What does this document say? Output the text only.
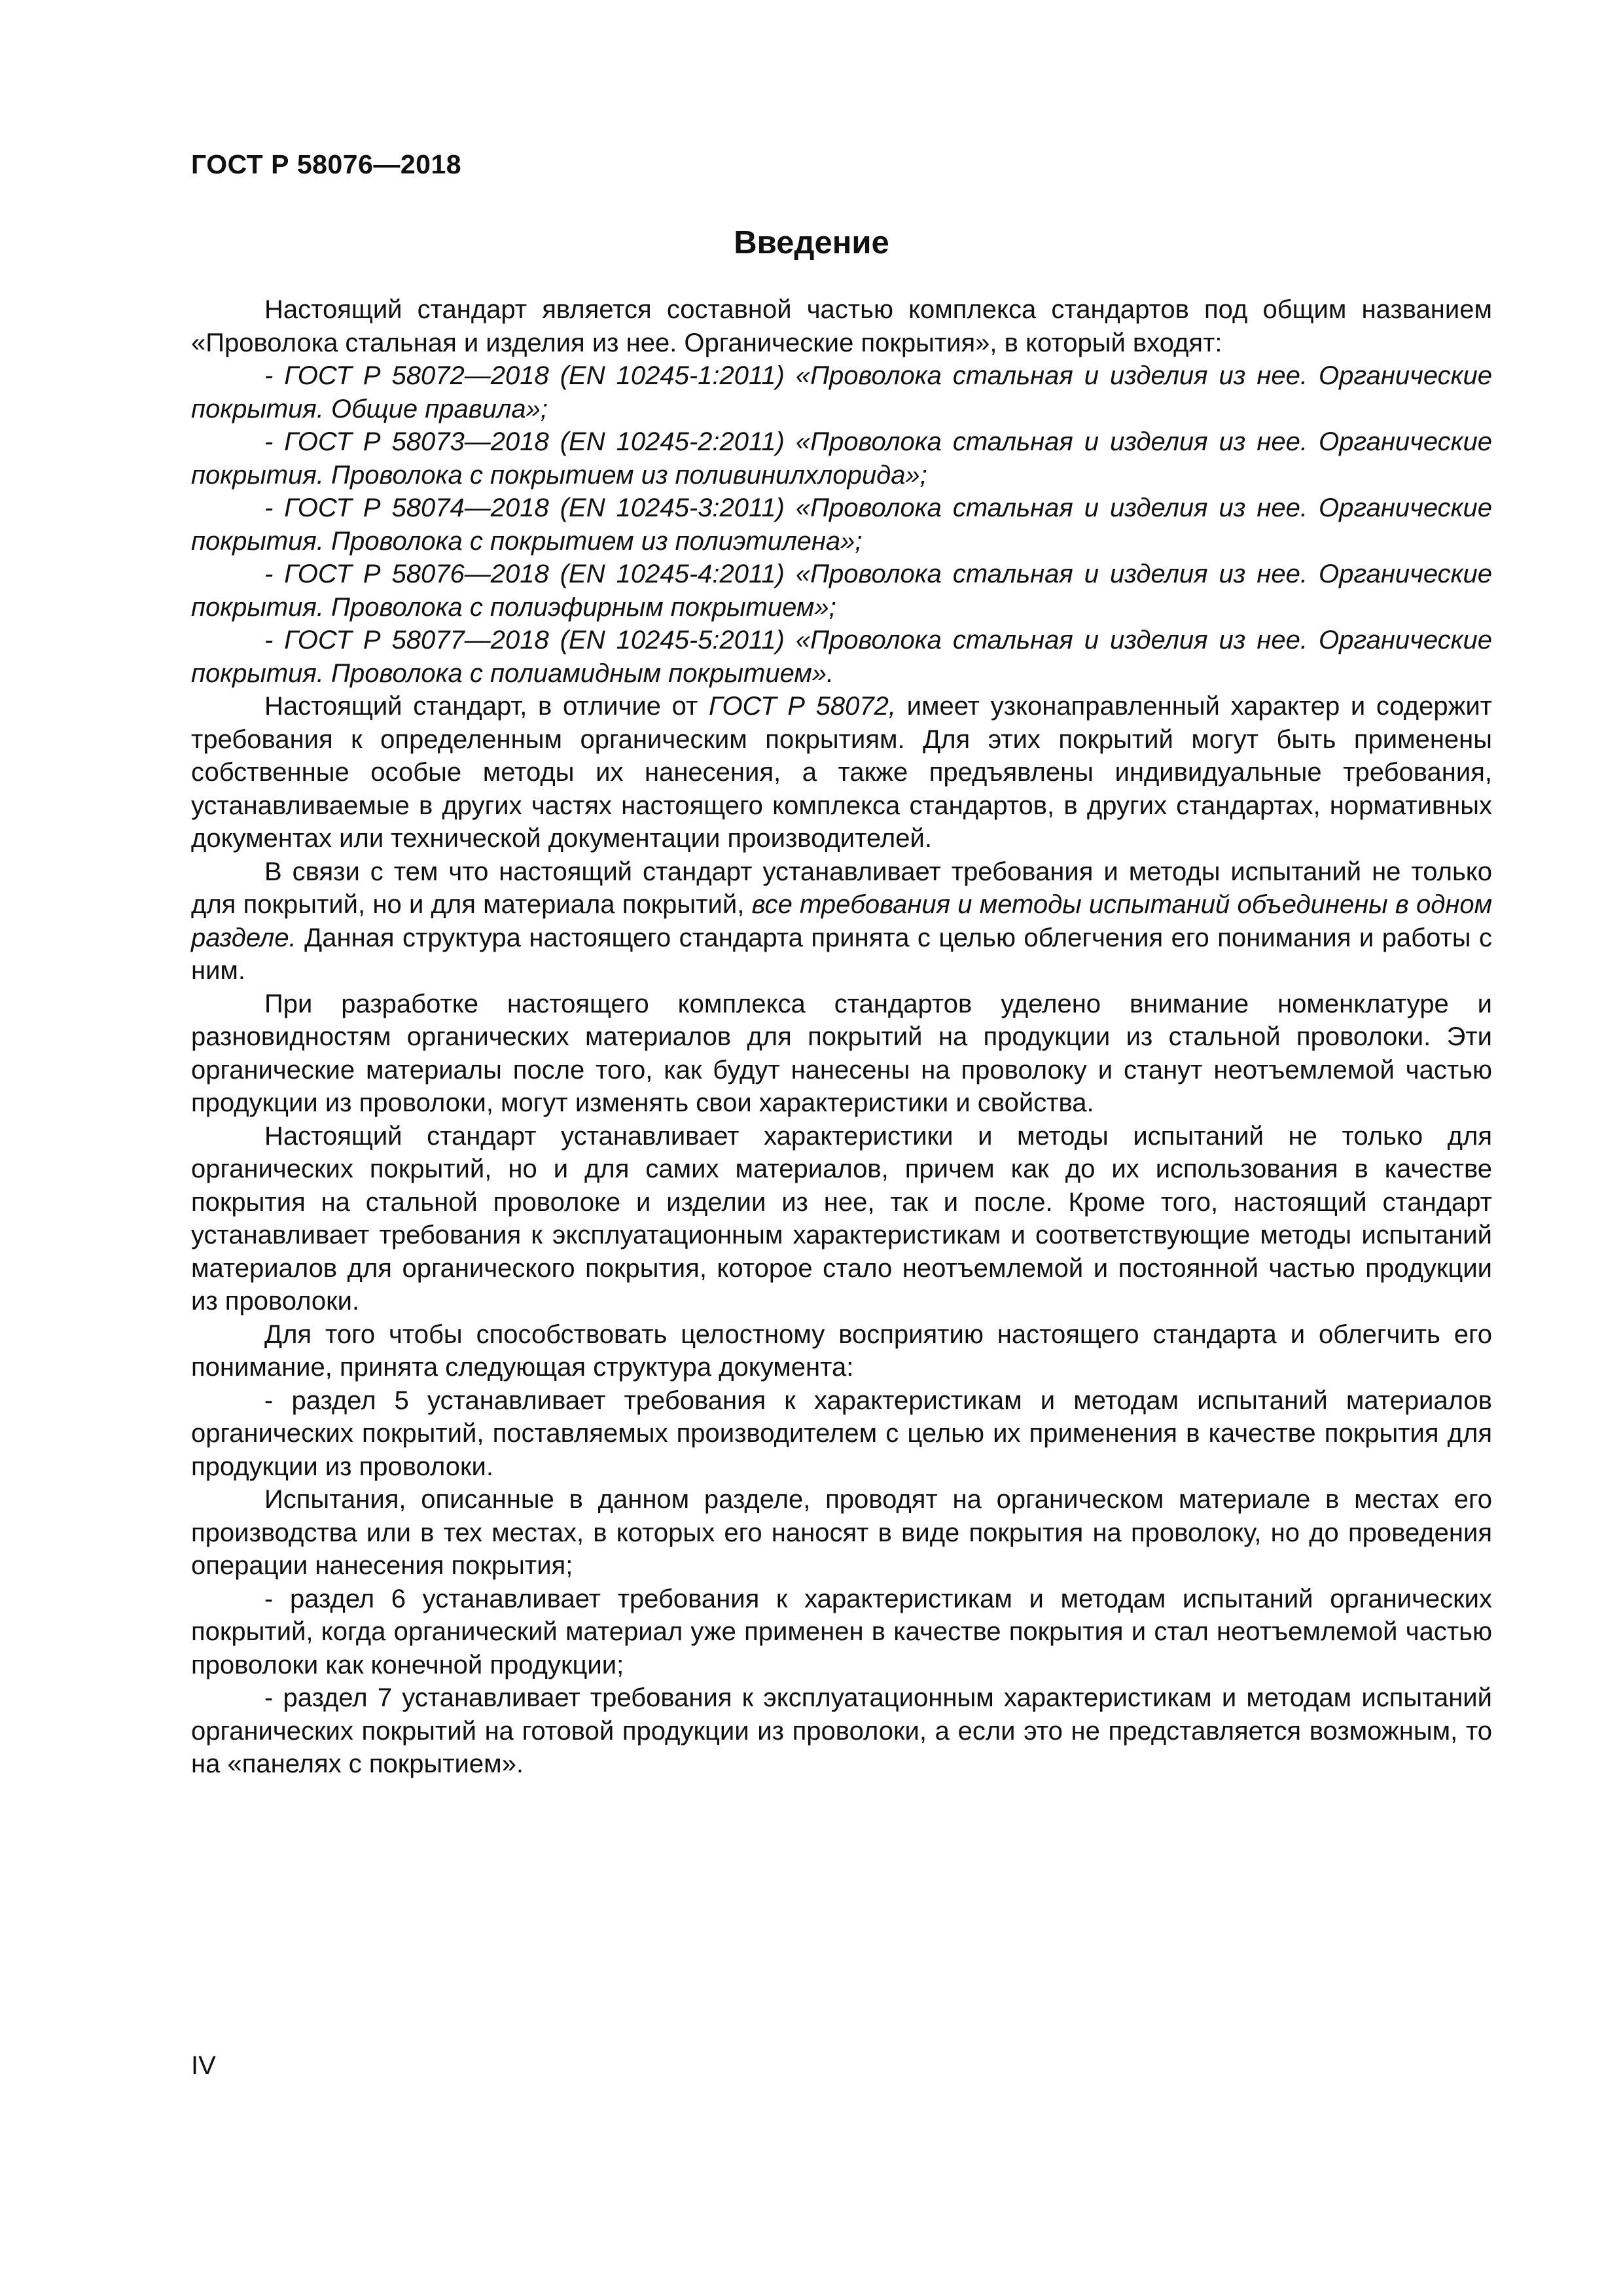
ГОСТ Р 58076—2018
Введение

Настоящий стандарт является составной частью комплекса стандартов под общим названием «Проволока стальная и изделия из нее. Органические покрытия», в который входят:

- ГОСТ Р 58072—2018 (EN 10245-1:2011) «Проволока стальная и изделия из нее. Органические покрытия. Общие правила»;

- ГОСТ Р 58073—2018 (EN 10245-2:2011) «Проволока стальная и изделия из нее. Органические покрытия. Проволока с покрытием из поливинилхлорида»;

- ГОСТ Р 58074—2018 (EN 10245-3:2011) «Проволока стальная и изделия из нее. Органические покрытия. Проволока с покрытием из полиэтилена»;

- ГОСТ Р 58076—2018 (EN 10245-4:2011) «Проволока стальная и изделия из нее. Органические покрытия. Проволока с полиэфирным покрытием»;

- ГОСТ Р 58077—2018 (EN 10245-5:2011) «Проволока стальная и изделия из нее. Органические покрытия. Проволока с полиамидным покрытием».

Настоящий стандарт, в отличие от ГОСТ Р 58072, имеет узконаправленный характер и содержит требования к определенным органическим покрытиям. Для этих покрытий могут быть применены собственные особые методы их нанесения, а также предъявлены индивидуальные требования, устанавливаемые в других частях настоящего комплекса стандартов, в других стандартах, нормативных документах или технической документации производителей.

В связи с тем что настоящий стандарт устанавливает требования и методы испытаний не только для покрытий, но и для материала покрытий, все требования и методы испытаний объединены в одном разделе. Данная структура настоящего стандарта принята с целью облегчения его понимания и работы с ним.

При разработке настоящего комплекса стандартов уделено внимание номенклатуре и разновидностям органических материалов для покрытий на продукции из стальной проволоки. Эти органические материалы после того, как будут нанесены на проволоку и станут неотъемлемой частью продукции из проволоки, могут изменять свои характеристики и свойства.

Настоящий стандарт устанавливает характеристики и методы испытаний не только для органических покрытий, но и для самих материалов, причем как до их использования в качестве покрытия на стальной проволоке и изделии из нее, так и после. Кроме того, настоящий стандарт устанавливает требования к эксплуатационным характеристикам и соответствующие методы испытаний материалов для органического покрытия, которое стало неотъемлемой и постоянной частью продукции из проволоки.

Для того чтобы способствовать целостному восприятию настоящего стандарта и облегчить его понимание, принята следующая структура документа:

- раздел 5 устанавливает требования к характеристикам и методам испытаний материалов органических покрытий, поставляемых производителем с целью их применения в качестве покрытия для продукции из проволоки.

Испытания, описанные в данном разделе, проводят на органическом материале в местах его производства или в тех местах, в которых его наносят в виде покрытия на проволоку, но до проведения операции нанесения покрытия;

- раздел 6 устанавливает требования к характеристикам и методам испытаний органических покрытий, когда органический материал уже применен в качестве покрытия и стал неотъемлемой частью проволоки как конечной продукции;

- раздел 7 устанавливает требования к эксплуатационным характеристикам и методам испытаний органических покрытий на готовой продукции из проволоки, а если это не представляется возможным, то на «панелях с покрытием».

IV
